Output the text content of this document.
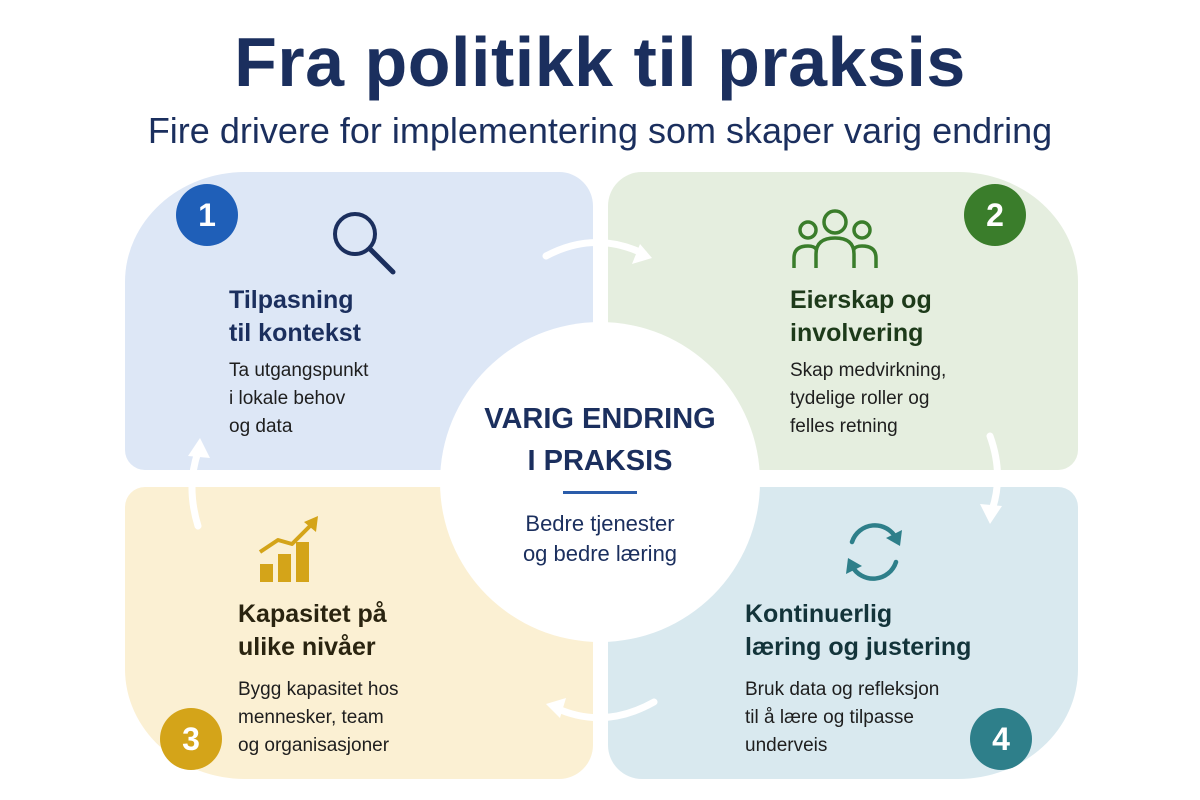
Fra politikk til praksis
Fire drivere for implementering som skaper varig endring
VARIG ENDRING
I PRAKSIS
Bedre tjenester
og bedre læring
1	2
3	4
Tilpasning
til kontekst
Ta utgangspunkt
i lokale behov
og data
Eierskap og
involvering
Skap medvirkning,
tydelige roller og
felles retning
Kapasitet på
ulike nivåer
Bygg kapasitet hos
mennesker, team
og organisasjoner
Kontinuerlig
læring og justering
Bruk data og refleksjon
til å lære og tilpasse
underveis
